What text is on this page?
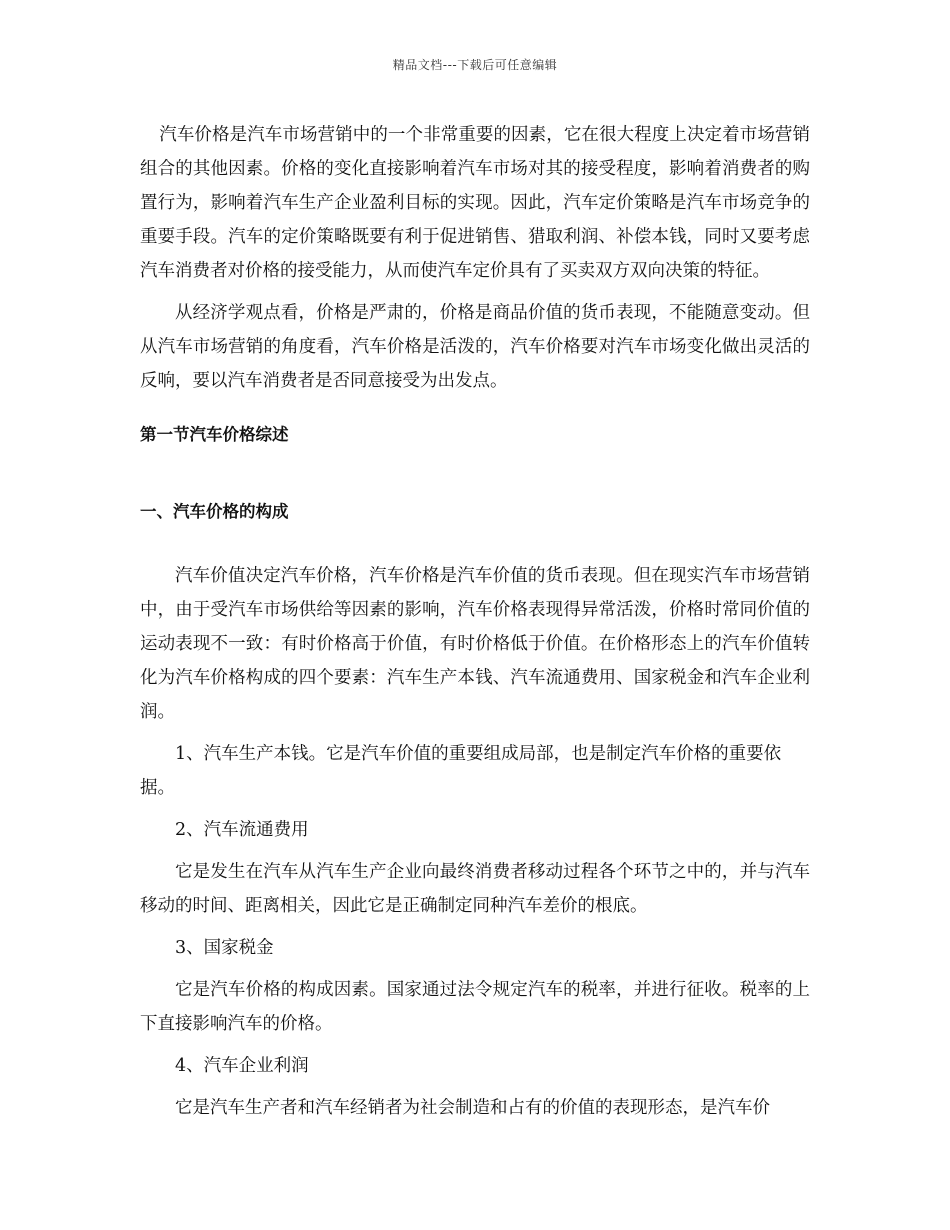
精品文档---下载后可任意编辑

汽车价格是汽车市场营销中的一个非常重要的因素，它在很大程度上决定着市场营销组合的其他因素。价格的变化直接影响着汽车市场对其的接受程度，影响着消费者的购置行为，影响着汽车生产企业盈利目标的实现。因此，汽车定价策略是汽车市场竞争的重要手段。汽车的定价策略既要有利于促进销售、猎取利润、补偿本钱，同时又要考虑汽车消费者对价格的接受能力，从而使汽车定价具有了买卖双方双向决策的特征。

从经济学观点看，价格是严肃的，价格是商品价值的货币表现，不能随意变动。但从汽车市场营销的角度看，汽车价格是活泼的，汽车价格要对汽车市场变化做出灵活的反响，要以汽车消费者是否同意接受为出发点。

第一节汽车价格综述

一、汽车价格的构成

汽车价值决定汽车价格，汽车价格是汽车价值的货币表现。但在现实汽车市场营销中，由于受汽车市场供给等因素的影响，汽车价格表现得异常活泼，价格时常同价值的运动表现不一致：有时价格高于价值，有时价格低于价值。在价格形态上的汽车价值转化为汽车价格构成的四个要素：汽车生产本钱、汽车流通费用、国家税金和汽车企业利润。

1、汽车生产本钱。它是汽车价值的重要组成局部，也是制定汽车价格的重要依据。

2、汽车流通费用

它是发生在汽车从汽车生产企业向最终消费者移动过程各个环节之中的，并与汽车移动的时间、距离相关，因此它是正确制定同种汽车差价的根底。

3、国家税金

它是汽车价格的构成因素。国家通过法令规定汽车的税率，并进行征收。税率的上下直接影响汽车的价格。

4、汽车企业利润

它是汽车生产者和汽车经销者为社会制造和占有的价值的表现形态，是汽车价
